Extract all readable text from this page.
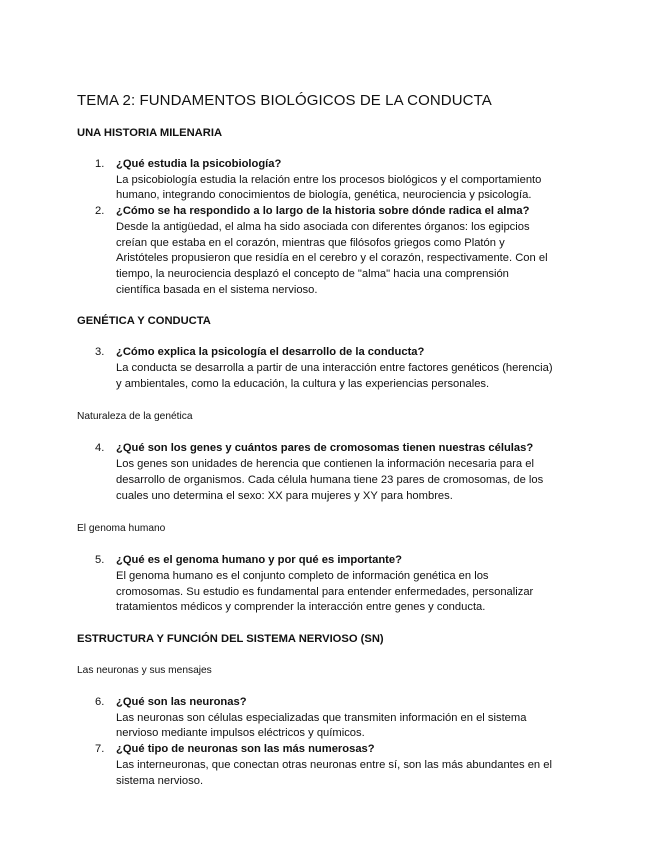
TEMA 2: FUNDAMENTOS BIOLÓGICOS DE LA CONDUCTA
UNA HISTORIA MILENARIA
1. ¿Qué estudia la psicobiología?
La psicobiología estudia la relación entre los procesos biológicos y el comportamiento
humano, integrando conocimientos de biología, genética, neurociencia y psicología.
2. ¿Cómo se ha respondido a lo largo de la historia sobre dónde radica el alma?
Desde la antigüedad, el alma ha sido asociada con diferentes órganos: los egipcios
creían que estaba en el corazón, mientras que filósofos griegos como Platón y
Aristóteles propusieron que residía en el cerebro y el corazón, respectivamente. Con el
tiempo, la neurociencia desplazó el concepto de "alma" hacia una comprensión
científica basada en el sistema nervioso.
GENÉTICA Y CONDUCTA
3. ¿Cómo explica la psicología el desarrollo de la conducta?
La conducta se desarrolla a partir de una interacción entre factores genéticos (herencia)
y ambientales, como la educación, la cultura y las experiencias personales.
Naturaleza de la genética
4. ¿Qué son los genes y cuántos pares de cromosomas tienen nuestras células?
Los genes son unidades de herencia que contienen la información necesaria para el
desarrollo de organismos. Cada célula humana tiene 23 pares de cromosomas, de los
cuales uno determina el sexo: XX para mujeres y XY para hombres.
El genoma humano
5. ¿Qué es el genoma humano y por qué es importante?
El genoma humano es el conjunto completo de información genética en los
cromosomas. Su estudio es fundamental para entender enfermedades, personalizar
tratamientos médicos y comprender la interacción entre genes y conducta.
ESTRUCTURA Y FUNCIÓN DEL SISTEMA NERVIOSO (SN)
Las neuronas y sus mensajes
6. ¿Qué son las neuronas?
Las neuronas son células especializadas que transmiten información en el sistema
nervioso mediante impulsos eléctricos y químicos.
7. ¿Qué tipo de neuronas son las más numerosas?
Las interneuronas, que conectan otras neuronas entre sí, son las más abundantes en el
sistema nervioso.
